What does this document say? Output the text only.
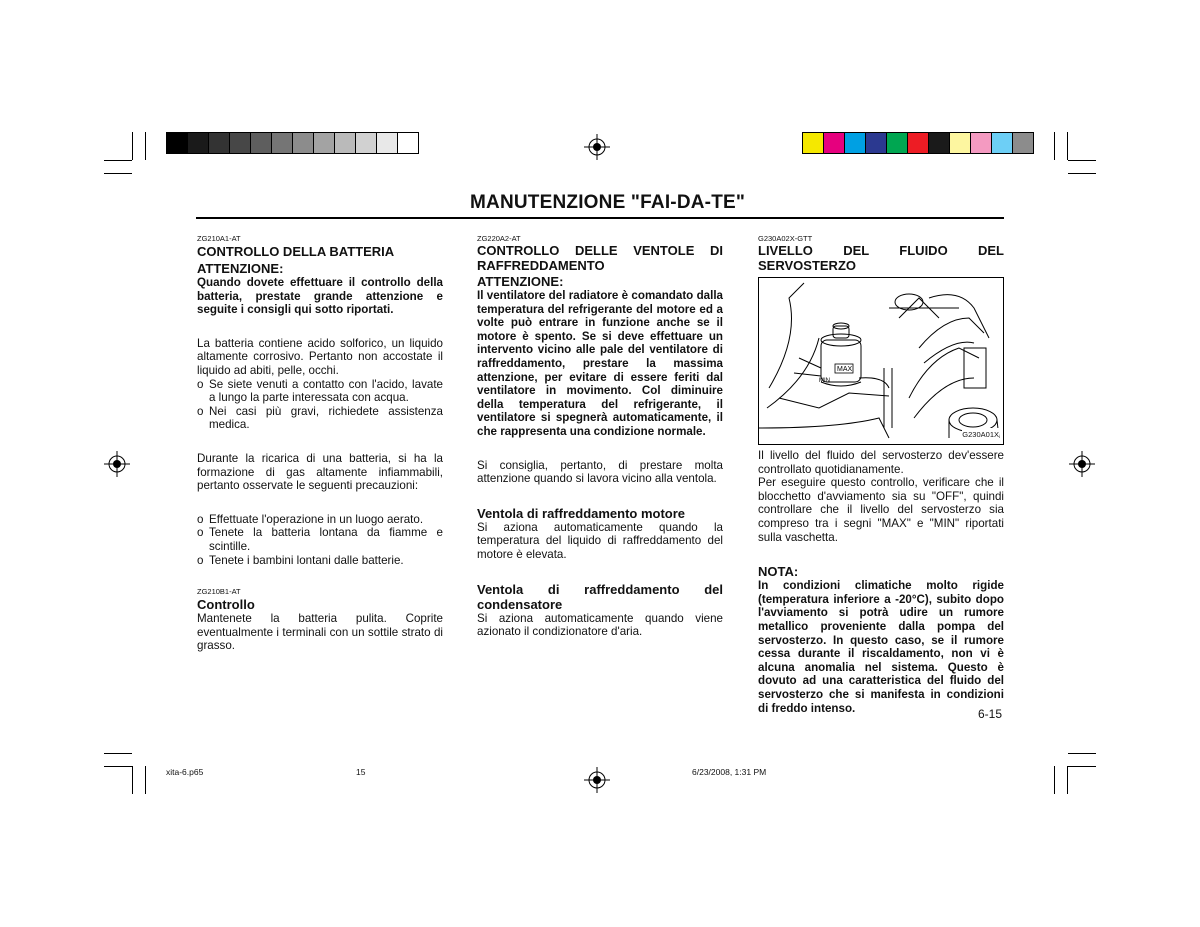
MANUTENZIONE "FAI-DA-TE"

ZG210A1-AT

CONTROLLO DELLA BATTERIA

ATTENZIONE:

Quando dovete effettuare il controllo della batteria, prestate grande attenzione e seguite i consigli qui sotto riportati.

La batteria contiene acido solforico, un liquido altamente corrosivo. Pertanto non accostate il liquido ad abiti, pelle, occhi.

o Se siete venuti a contatto con l'acido, lavate a lungo la parte interessata con acqua.
o Nei casi più gravi, richiedete assistenza medica.

Durante la ricarica di una batteria, si ha la formazione di gas altamente infiammabili, pertanto osservate le seguenti precauzioni:

o Effettuate l'operazione in un luogo aerato.
o Tenete la batteria lontana da fiamme e scintille.
o Tenete i bambini lontani dalle batterie.

ZG210B1-AT

Controllo

Mantenete la batteria pulita. Coprite eventualmente i terminali con un sottile strato di grasso.

ZG220A2-AT

CONTROLLO DELLE VENTOLE DI RAFFREDDAMENTO

ATTENZIONE:

Il ventilatore del radiatore è comandato dalla temperatura del refrigerante del motore ed a volte può entrare in funzione anche se il motore è spento. Se si deve effettuare un intervento vicino alle pale del ventilatore di raffreddamento, prestare la massima attenzione, per evitare di essere feriti dal ventilatore in movimento. Col diminuire della temperatura del refrigerante, il ventilatore si spegnerà automaticamente, il che rappresenta una condizione normale.

Si consiglia, pertanto, di prestare molta attenzione quando si lavora vicino alla ventola.

Ventola di raffreddamento motore

Si aziona automaticamente quando la temperatura del liquido di raffreddamento del motore è elevata.

Ventola di raffreddamento del condensatore

Si aziona automaticamente quando viene azionato il condizionatore d'aria.

G230A02X-GTT

LIVELLO DEL FLUIDO DEL SERVOSTERZO

MAX
MIN
G230A01X

Il livello del fluido del servosterzo dev'essere controllato quotidianamente.

Per eseguire questo controllo, verificare che il blocchetto d'avviamento sia su "OFF", quindi controllare che il livello del servosterzo sia compreso tra i segni "MAX" e "MIN" riportati sulla vaschetta.

NOTA:

In condizioni climatiche molto rigide (temperatura inferiore a -20°C), subito dopo l'avviamento si potrà udire un rumore metallico proveniente dalla pompa del servosterzo. In questo caso, se il rumore cessa durante il riscaldamento, non vi è alcuna anomalia nel sistema. Questo è dovuto ad una caratteristica del fluido del servosterzo che si manifesta in condizioni di freddo intenso.	6-15
xita-6.p65	15	6/23/2008, 1:31 PM
